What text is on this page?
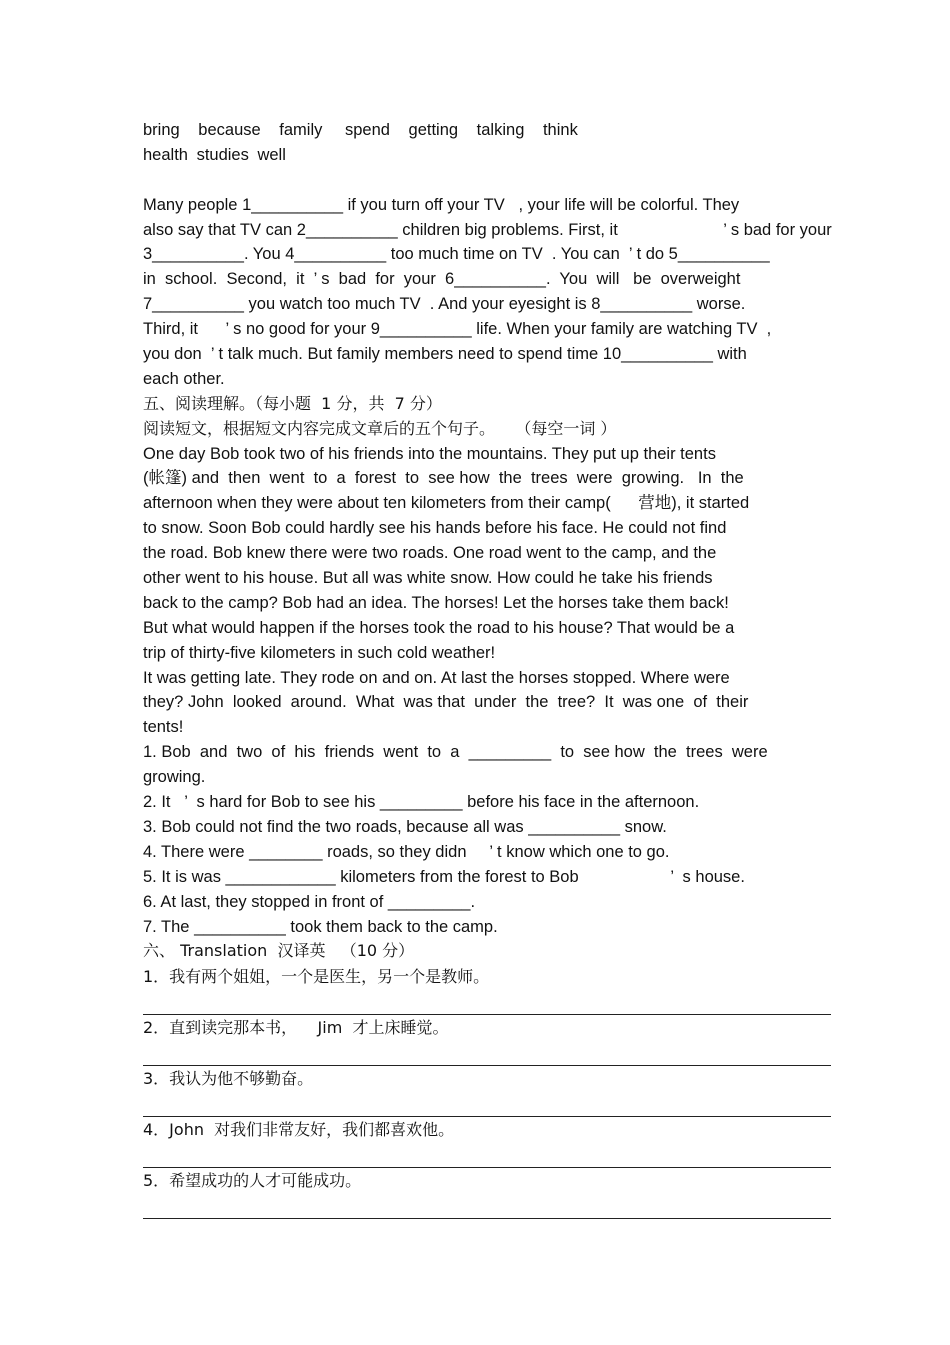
bring because family spend getting talking think
health studies well
Many people 1__________ if you turn off your TV   , your life will be colorful. They
also say that TV can 2__________ children big problems. First, it                       ’ s bad for your
3__________. You 4__________ too much time on TV  . You can  ’ t do 5__________
in  school.  Second,  it  ’ s  bad  for  your  6__________.  You  will   be  overweight
7__________ you watch too much TV  . And your eyesight is 8__________ worse.
Third, it      ’ s no good for your 9__________ life. When your family are watching TV  ,
you don  ’ t talk much. But family members need to spend time 10__________ with
each other.
五、阅读理解。（每小题  1 分，共  7 分）
阅读短文，根据短文内容完成文章后的五个句子。    （每空一词 ）
One day Bob took two of his friends into the mountains. They put up their tents
(帐篷) and  then  went  to  a  forest  to  see how  the  trees  were  growing.   In  the
afternoon when they were about ten kilometers from their camp(      营地), it started
to snow. Soon Bob could hardly see his hands before his face. He could not find
the road. Bob knew there were two roads. One road went to the camp, and the
other went to his house. But all was white snow. How could he take his friends
back to the camp? Bob had an idea. The horses! Let the horses take them back!
But what would happen if the horses took the road to his house? That would be a
trip of thirty-five kilometers in such cold weather!
It was getting late. They rode on and on. At last the horses stopped. Where were
they? John  looked  around.  What  was that  under  the  tree?  It  was one  of  their
tents!
1. Bob  and  two  of  his  friends  went  to  a  _________  to  see how  the  trees  were
growing.
2. It   ’  s hard for Bob to see his _________ before his face in the afternoon.
3. Bob could not find the two roads, because all was __________ snow.
4. There were ________ roads, so they didn     ’ t know which one to go.
5. It is was ____________ kilometers from the forest to Bob                    ’  s house.
6. At last, they stopped in front of _________.
7. The __________ took them back to the camp.
六、 Translation  汉译英   （10 分）
1．我有两个姐姐，一个是医生，另一个是教师。
2．直到读完那本书，    Jim  才上床睡觉。
3．我认为他不够勤奋。
4．John  对我们非常友好，我们都喜欢他。
5．希望成功的人才可能成功。
